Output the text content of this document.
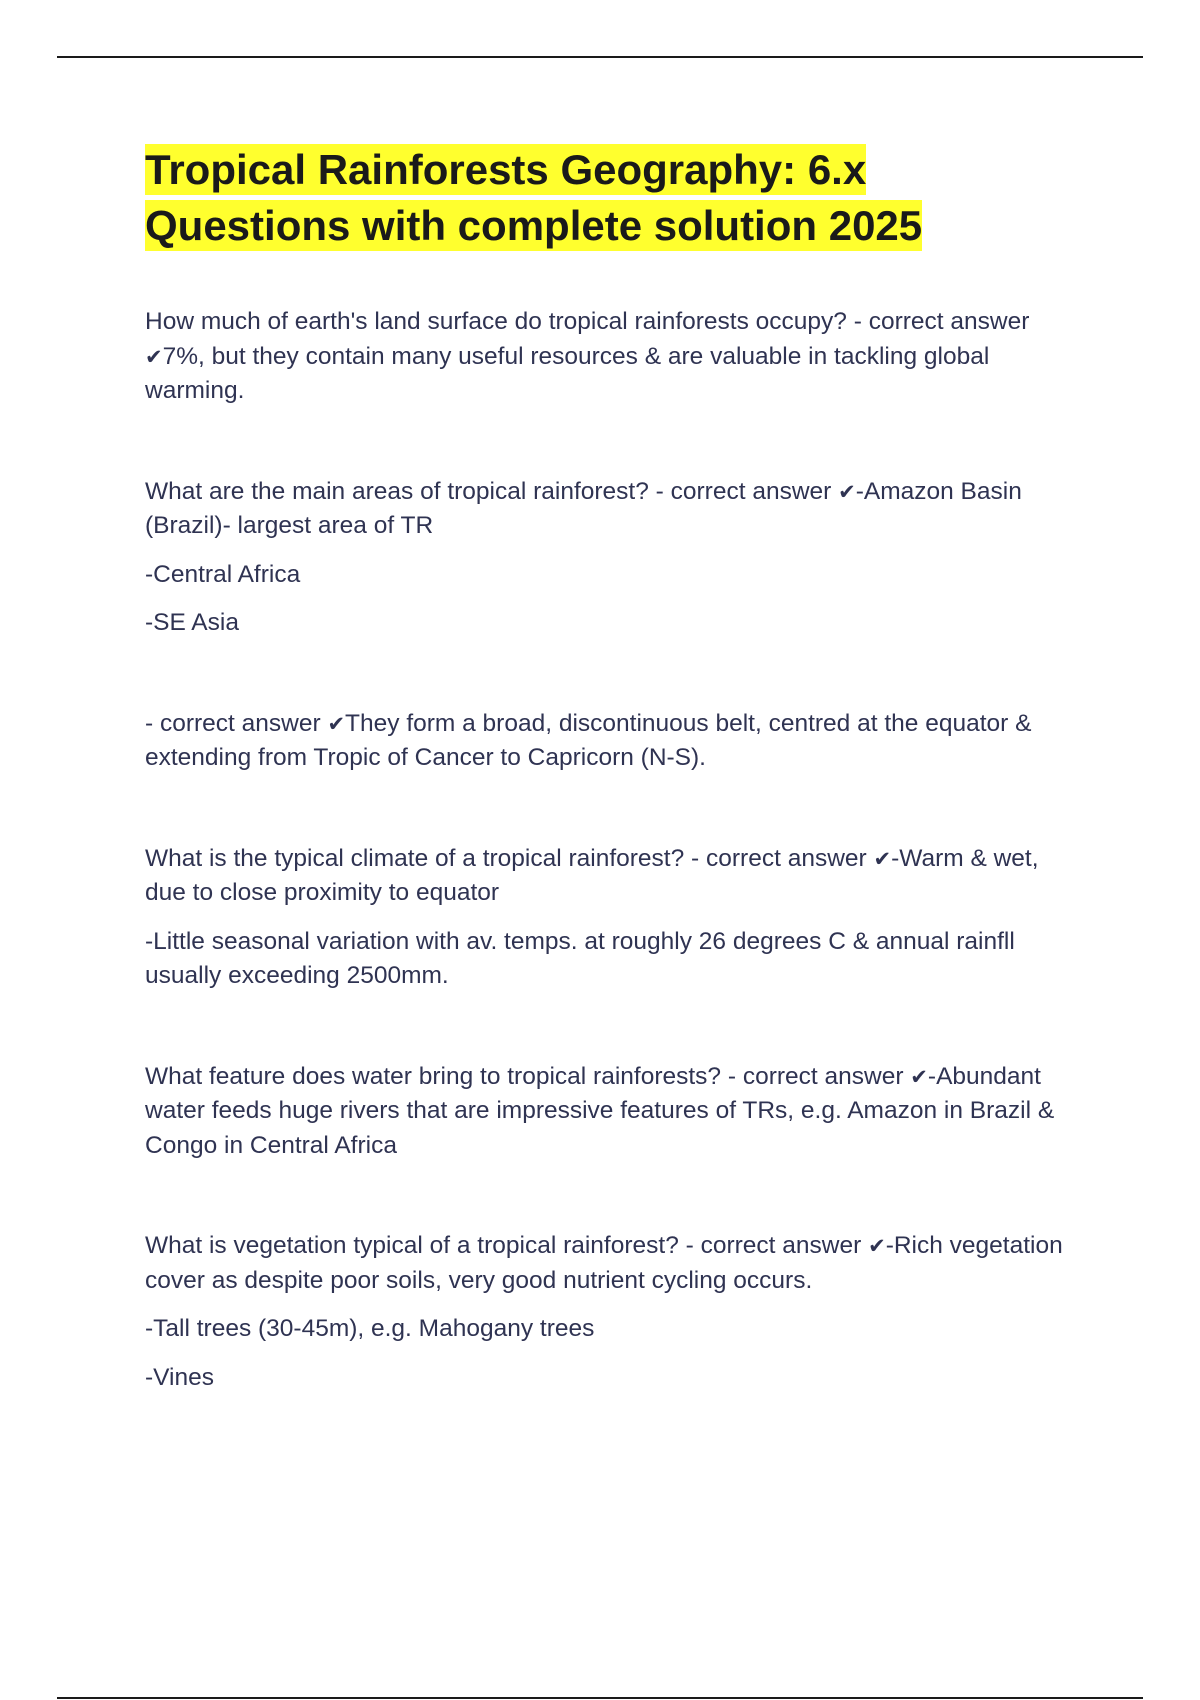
Tropical Rainforests Geography: 6.x Questions with complete solution 2025

How much of earth's land surface do tropical rainforests occupy? - correct answer ✔7%, but they contain many useful resources & are valuable in tackling global warming.

What are the main areas of tropical rainforest? - correct answer ✔-Amazon Basin (Brazil)- largest area of TR

-Central Africa

-SE Asia

- correct answer ✔They form a broad, discontinuous belt, centred at the equator & extending from Tropic of Cancer to Capricorn (N-S).

What is the typical climate of a tropical rainforest? - correct answer ✔-Warm & wet, due to close proximity to equator

-Little seasonal variation with av. temps. at roughly 26 degrees C & annual rainfll usually exceeding 2500mm.

What feature does water bring to tropical rainforests? - correct answer ✔-Abundant water feeds huge rivers that are impressive features of TRs, e.g. Amazon in Brazil & Congo in Central Africa

What is vegetation typical of a tropical rainforest? - correct answer ✔-Rich vegetation cover as despite poor soils, very good nutrient cycling occurs.

-Tall trees (30-45m), e.g. Mahogany trees

-Vines
